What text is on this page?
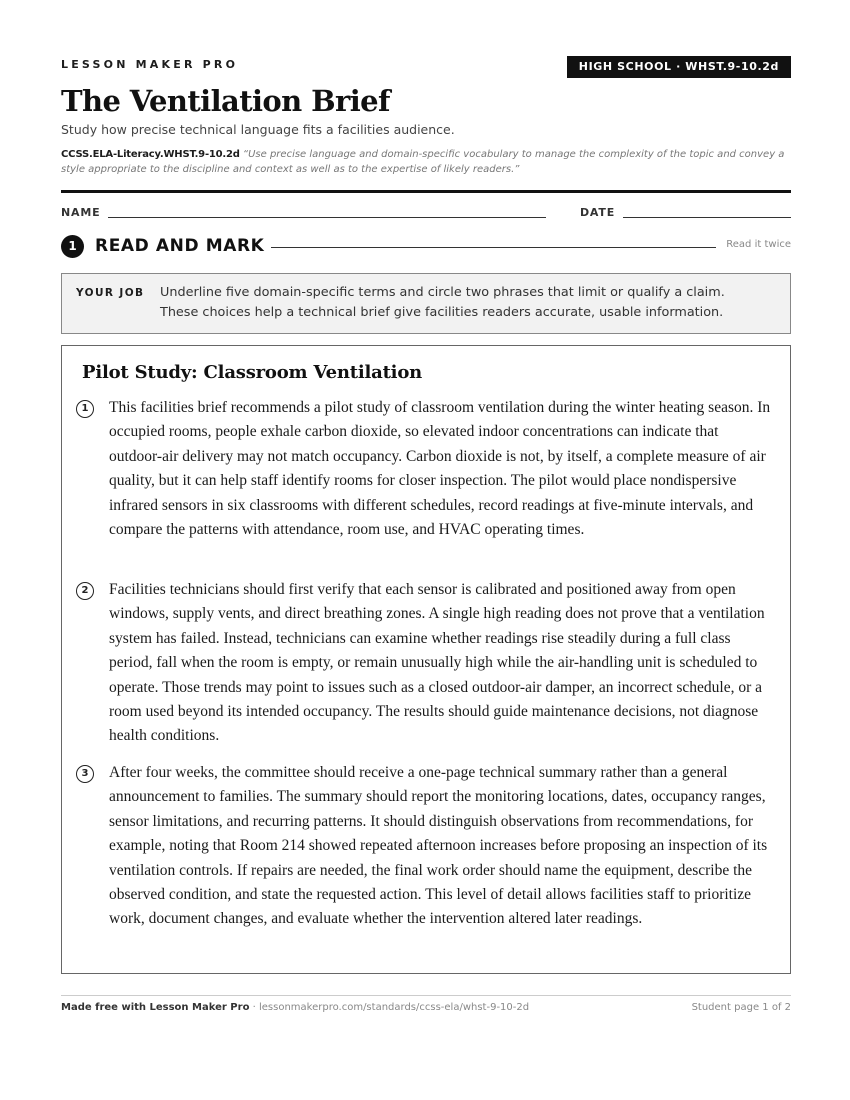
LESSON MAKER PRO	HIGH SCHOOL · WHST.9-10.2d
The Ventilation Brief
Study how precise technical language fits a facilities audience.
CCSS.ELA-Literacy.WHST.9-10.2d “Use precise language and domain-specific vocabulary to manage the complexity of the topic and convey a style appropriate to the discipline and context as well as to the expertise of likely readers.”
NAME	DATE
1	READ AND MARK	Read it twice
YOUR JOB Underline five domain-specific terms and circle two phrases that limit or qualify a claim. These choices help a technical brief give facilities readers accurate, usable information.
Pilot Study: Classroom Ventilation
1	This facilities brief recommends a pilot study of classroom ventilation during the winter heating season. In occupied rooms, people exhale carbon dioxide, so elevated indoor concentrations can indicate that outdoor-air delivery may not match occupancy. Carbon dioxide is not, by itself, a complete measure of air quality, but it can help staff identify rooms for closer inspection. The pilot would place nondispersive infrared sensors in six classrooms with different schedules, record readings at five-minute intervals, and compare the patterns with attendance, room use, and HVAC operating times.
2	Facilities technicians should first verify that each sensor is calibrated and positioned away from open windows, supply vents, and direct breathing zones. A single high reading does not prove that a ventilation system has failed. Instead, technicians can examine whether readings rise steadily during a full class period, fall when the room is empty, or remain unusually high while the air-handling unit is scheduled to operate. Those trends may point to issues such as a closed outdoor-air damper, an incorrect schedule, or a room used beyond its intended occupancy. The results should guide maintenance decisions, not diagnose health conditions.
3	After four weeks, the committee should receive a one-page technical summary rather than a general announcement to families. The summary should report the monitoring locations, dates, occupancy ranges, sensor limitations, and recurring patterns. It should distinguish observations from recommendations, for example, noting that Room 214 showed repeated afternoon increases before proposing an inspection of its ventilation controls. If repairs are needed, the final work order should name the equipment, describe the observed condition, and state the requested action. This level of detail allows facilities staff to prioritize work, document changes, and evaluate whether the intervention altered later readings.
Made free with Lesson Maker Pro · lessonmakerpro.com/standards/ccss-ela/whst-9-10-2d	Student page 1 of 2
